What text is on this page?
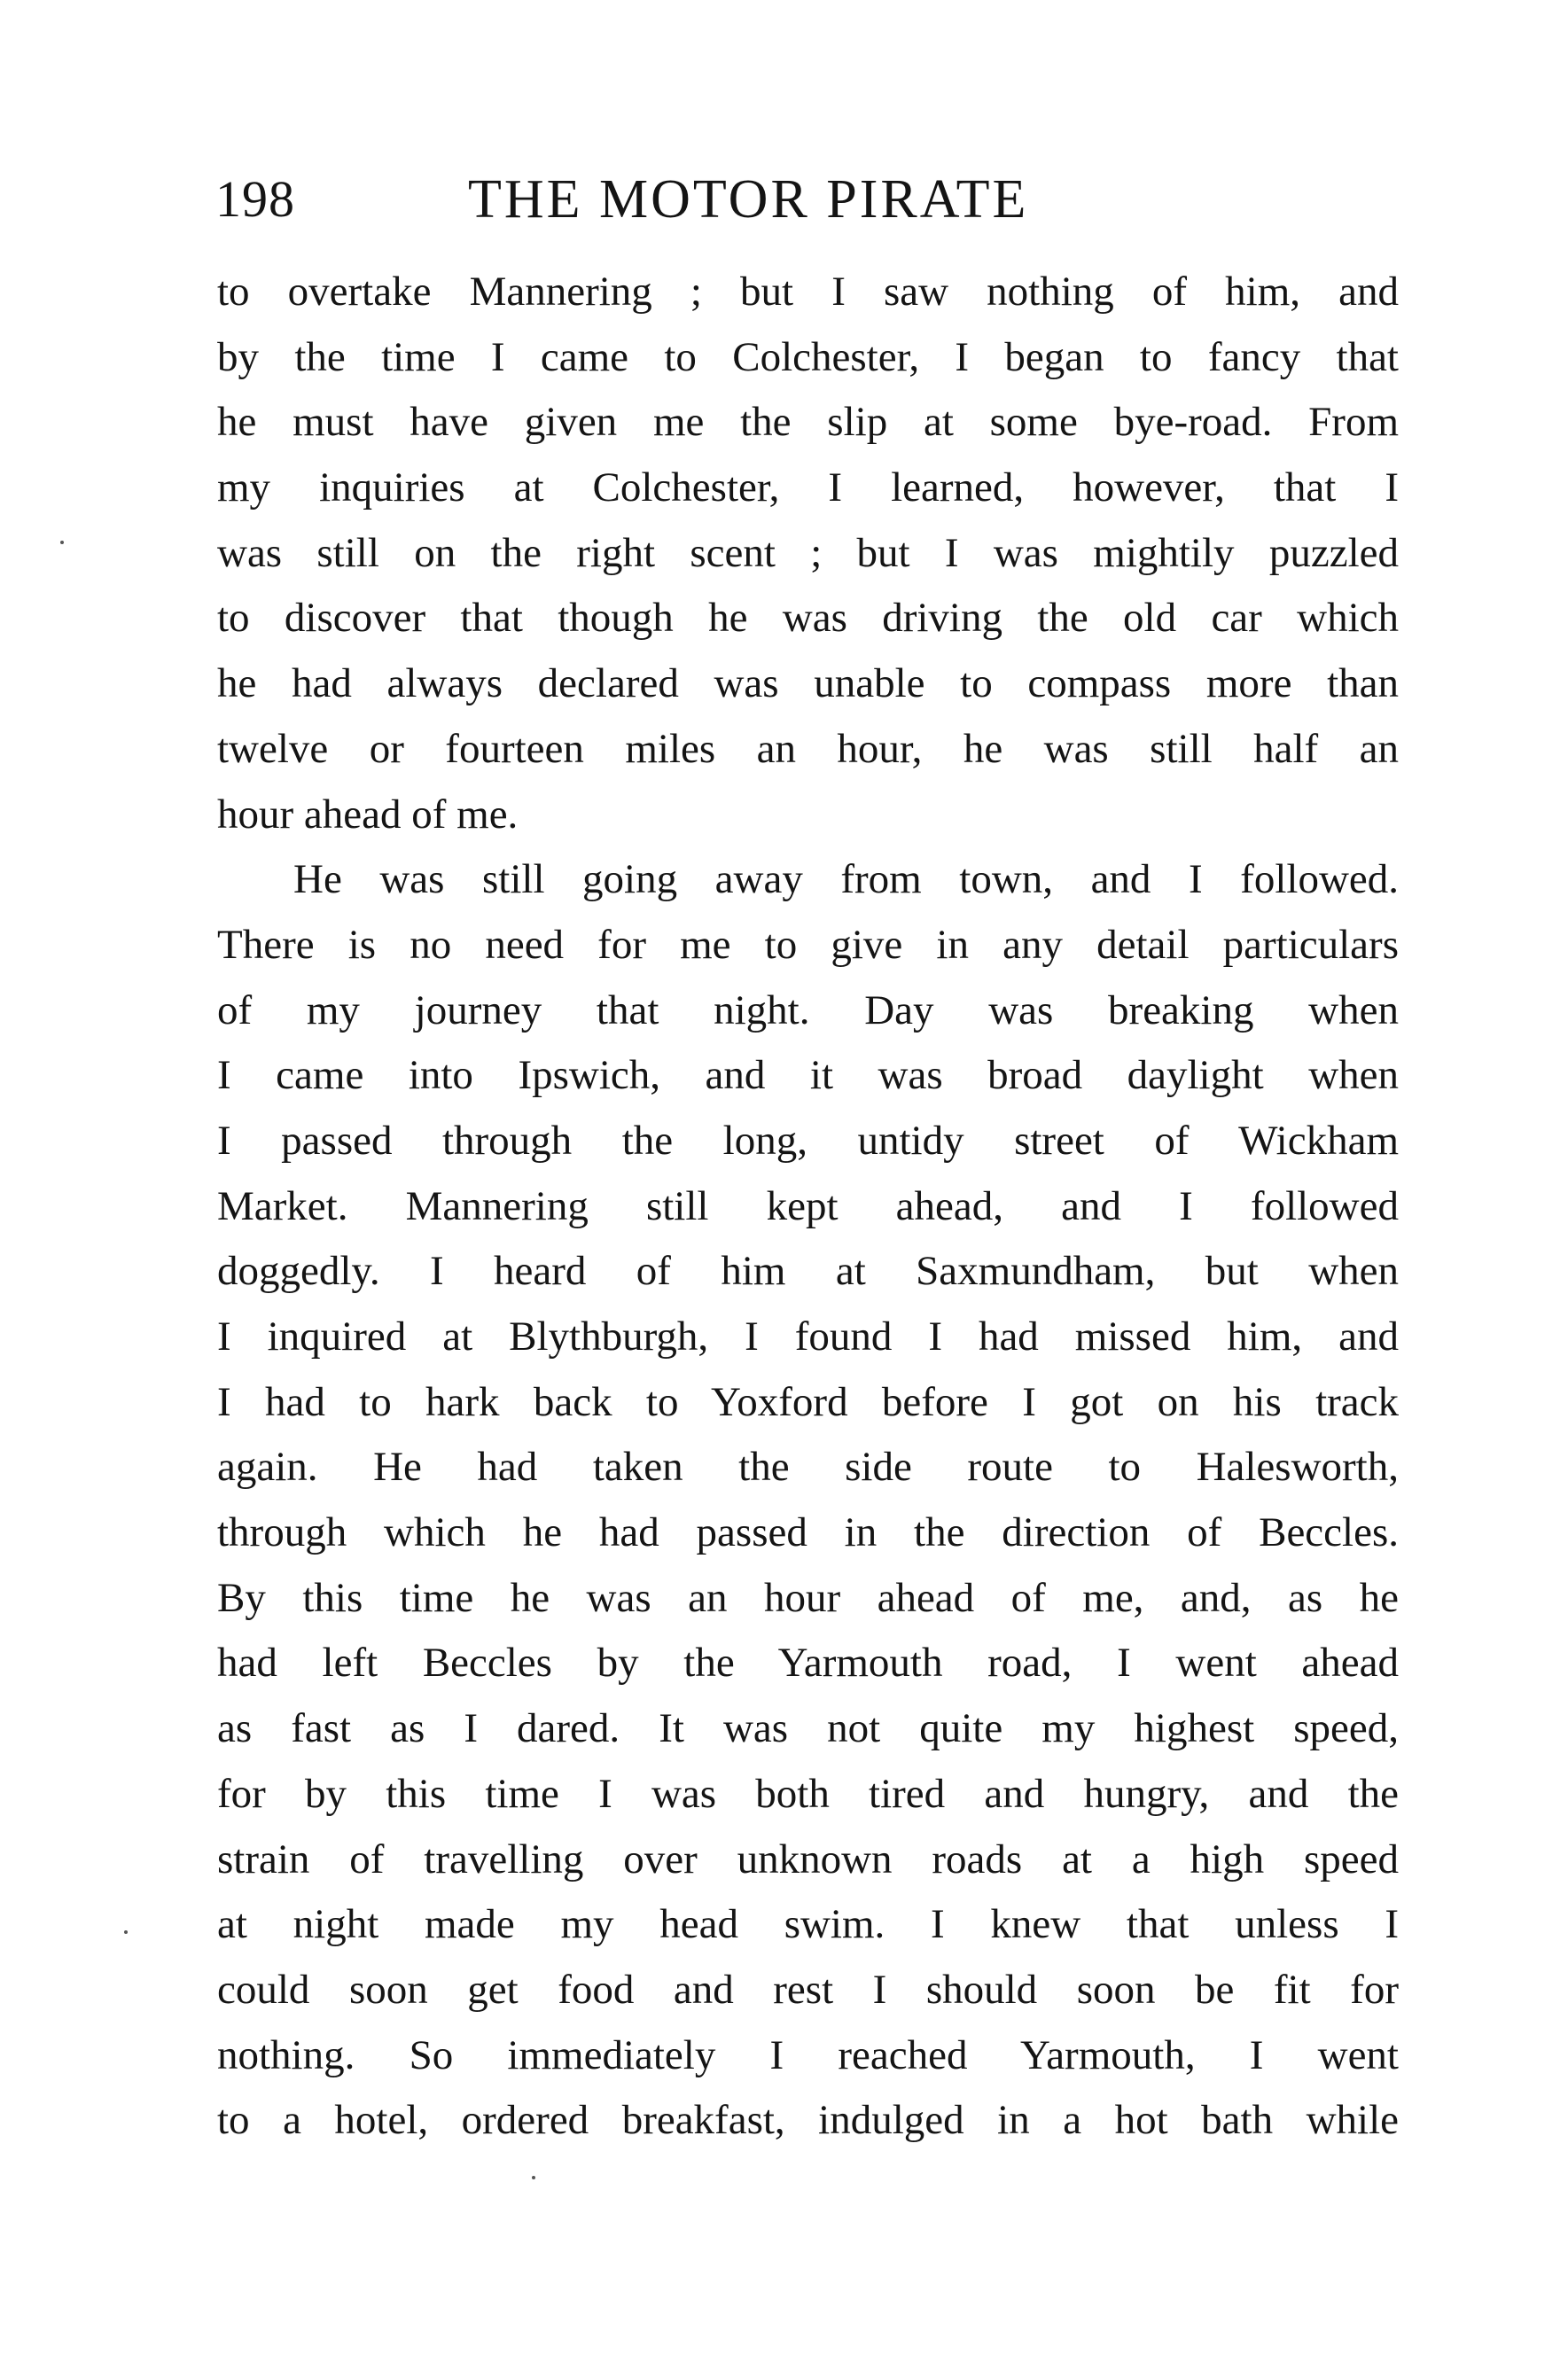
198	THE MOTOR PIRATE
to overtake Mannering ; but I saw nothing of him, and
by the time I came to Colchester, I began to fancy that
he must have given me the slip at some bye-road. From
my inquiries at Colchester, I learned, however, that I
was still on the right scent ; but I was mightily puzzled
to discover that though he was driving the old car which
he had always declared was unable to compass more than
twelve or fourteen miles an hour, he was still half an
hour ahead of me.
He was still going away from town, and I followed.
There is no need for me to give in any detail particulars
of my journey that night. Day was breaking when
I came into Ipswich, and it was broad daylight when
I passed through the long, untidy street of Wickham
Market. Mannering still kept ahead, and I followed
doggedly. I heard of him at Saxmundham, but when
I inquired at Blythburgh, I found I had missed him, and
I had to hark back to Yoxford before I got on his track
again. He had taken the side route to Halesworth,
through which he had passed in the direction of Beccles.
By this time he was an hour ahead of me, and, as he
had left Beccles by the Yarmouth road, I went ahead
as fast as I dared. It was not quite my highest speed,
for by this time I was both tired and hungry, and the
strain of travelling over unknown roads at a high speed
at night made my head swim. I knew that unless I
could soon get food and rest I should soon be fit for
nothing. So immediately I reached Yarmouth, I went
to a hotel, ordered breakfast, indulged in a hot bath while
